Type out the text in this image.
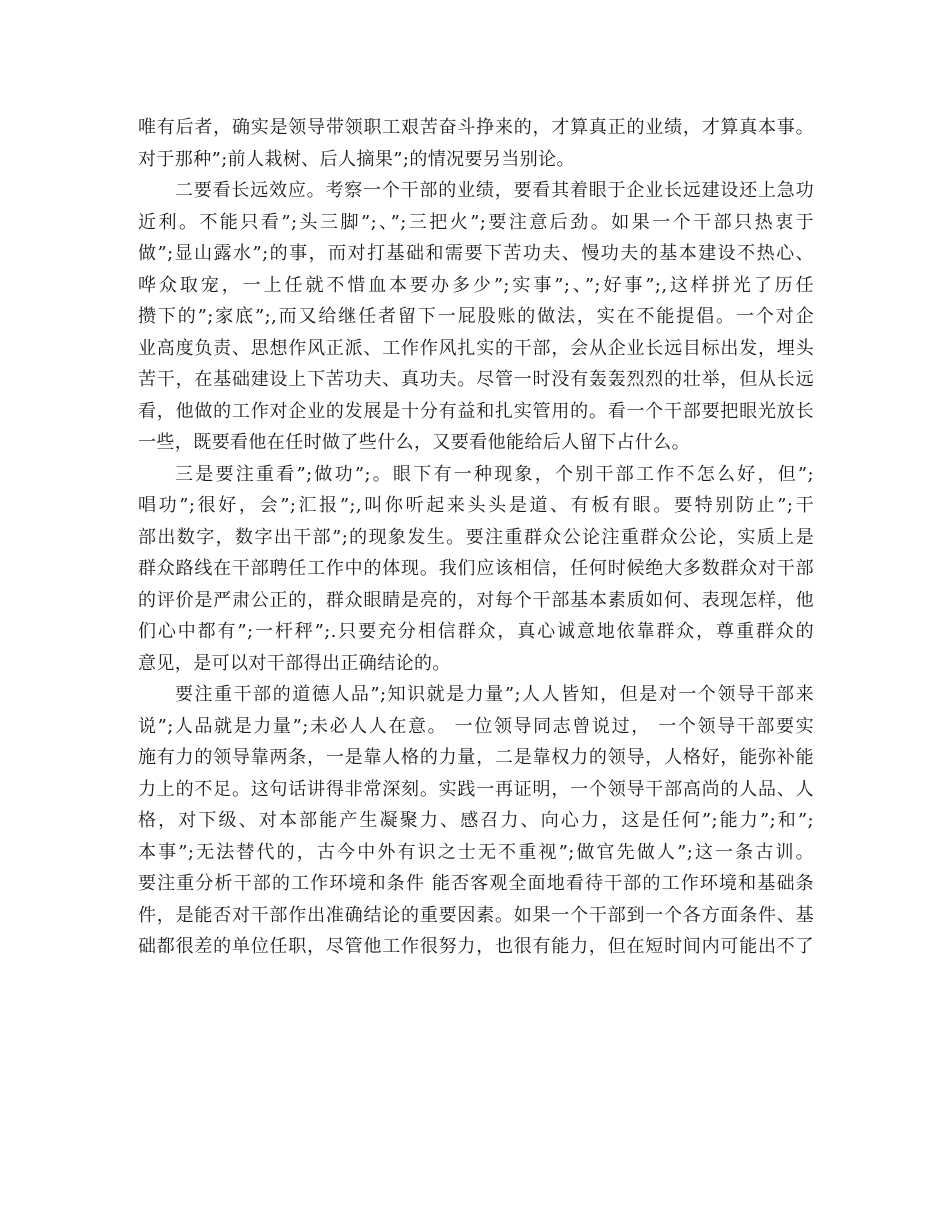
唯有后者，确实是领导带领职工艰苦奋斗挣来的，才算真正的业绩，才算真本事。
对于那种”;前人栽树、后人摘果”;的情况要另当别论。
二要看长远效应。考察一个干部的业绩，要看其着眼于企业长远建设还上急功
近利。不能只看”;头三脚”;、”;三把火”;要注意后劲。如果一个干部只热衷于
做”;显山露水”;的事，而对打基础和需要下苦功夫、慢功夫的基本建设不热心、
哗众取宠，一上任就不惜血本要办多少”;实事”;、”;好事”;,这样拼光了历任
攒下的”;家底”;,而又给继任者留下一屁股账的做法，实在不能提倡。一个对企
业高度负责、思想作风正派、工作作风扎实的干部，会从企业长远目标出发，埋头
苦干，在基础建设上下苦功夫、真功夫。尽管一时没有轰轰烈烈的壮举，但从长远
看，他做的工作对企业的发展是十分有益和扎实管用的。看一个干部要把眼光放长
一些，既要看他在任时做了些什么，又要看他能给后人留下占什么。
三是要注重看”;做功”;。眼下有一种现象，个别干部工作不怎么好，但”;
唱功”;很好，会”;汇报”;,叫你听起来头头是道、有板有眼。要特别防止”;干
部出数字，数字出干部”;的现象发生。要注重群众公论注重群众公论，实质上是
群众路线在干部聘任工作中的体现。我们应该相信，任何时候绝大多数群众对干部
的评价是严肃公正的，群众眼睛是亮的，对每个干部基本素质如何、表现怎样，他
们心中都有”;一杆秤”;.只要充分相信群众，真心诚意地依靠群众，尊重群众的
意见，是可以对干部得出正确结论的。
要注重干部的道德人品”;知识就是力量”;人人皆知，但是对一个领导干部来
说”;人品就是力量”;未必人人在意。 一位领导同志曾说过， 一个领导干部要实
施有力的领导靠两条，一是靠人格的力量，二是靠权力的领导，人格好，能弥补能
力上的不足。这句话讲得非常深刻。实践一再证明，一个领导干部高尚的人品、人
格，对下级、对本部能产生凝聚力、感召力、向心力，这是任何”;能力”;和”;
本事”;无法替代的，古今中外有识之士无不重视”;做官先做人”;这一条古训。
要注重分析干部的工作环境和条件 能否客观全面地看待干部的工作环境和基础条
件，是能否对干部作出准确结论的重要因素。如果一个干部到一个各方面条件、基
础都很差的单位任职，尽管他工作很努力，也很有能力，但在短时间内可能出不了
